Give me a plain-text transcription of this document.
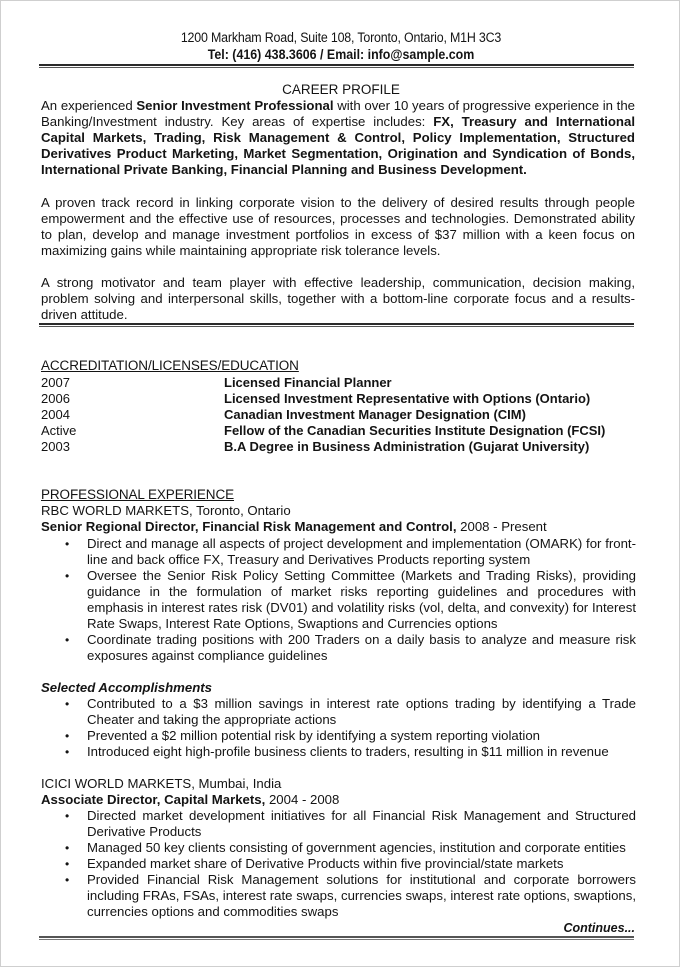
1200 Markham Road, Suite 108, Toronto, Ontario, M1H 3C3
Tel: (416) 438.3606 / Email: info@sample.com
CAREER PROFILE
An experienced Senior Investment Professional with over 10 years of progressive experience in the Banking/Investment industry. Key areas of expertise includes: FX, Treasury and International Capital Markets, Trading, Risk Management & Control, Policy Implementation, Structured Derivatives Product Marketing, Market Segmentation, Origination and Syndication of Bonds, International Private Banking, Financial Planning and Business Development.
A proven track record in linking corporate vision to the delivery of desired results through people empowerment and the effective use of resources, processes and technologies. Demonstrated ability to plan, develop and manage investment portfolios in excess of $37 million with a keen focus on maximizing gains while maintaining appropriate risk tolerance levels.
A strong motivator and team player with effective leadership, communication, decision making, problem solving and interpersonal skills, together with a bottom-line corporate focus and a results-driven attitude.
ACCREDITATION/LICENSES/EDUCATION
2007	Licensed Financial Planner
2006	Licensed Investment Representative with Options (Ontario)
2004	Canadian Investment Manager Designation (CIM)
Active	Fellow of the Canadian Securities Institute Designation (FCSI)
2003	B.A Degree in Business Administration (Gujarat University)
PROFESSIONAL EXPERIENCE
RBC WORLD MARKETS, Toronto, Ontario
Senior Regional Director, Financial Risk Management and Control, 2008 - Present
• Direct and manage all aspects of project development and implementation (OMARK) for front-line and back office FX, Treasury and Derivatives Products reporting system
• Oversee the Senior Risk Policy Setting Committee (Markets and Trading Risks), providing guidance in the formulation of market risks reporting guidelines and procedures with emphasis in interest rates risk (DV01) and volatility risks (vol, delta, and convexity) for Interest Rate Swaps, Interest Rate Options, Swaptions and Currencies options
• Coordinate trading positions with 200 Traders on a daily basis to analyze and measure risk exposures against compliance guidelines
Selected Accomplishments
• Contributed to a $3 million savings in interest rate options trading by identifying a Trade Cheater and taking the appropriate actions
• Prevented a $2 million potential risk by identifying a system reporting violation
• Introduced eight high-profile business clients to traders, resulting in $11 million in revenue
ICICI WORLD MARKETS, Mumbai, India
Associate Director, Capital Markets, 2004 - 2008
• Directed market development initiatives for all Financial Risk Management and Structured Derivative Products
• Managed 50 key clients consisting of government agencies, institution and corporate entities
• Expanded market share of Derivative Products within five provincial/state markets
• Provided Financial Risk Management solutions for institutional and corporate borrowers including FRAs, FSAs, interest rate swaps, currencies swaps, interest rate options, swaptions, currencies options and commodities swaps
Continues...
